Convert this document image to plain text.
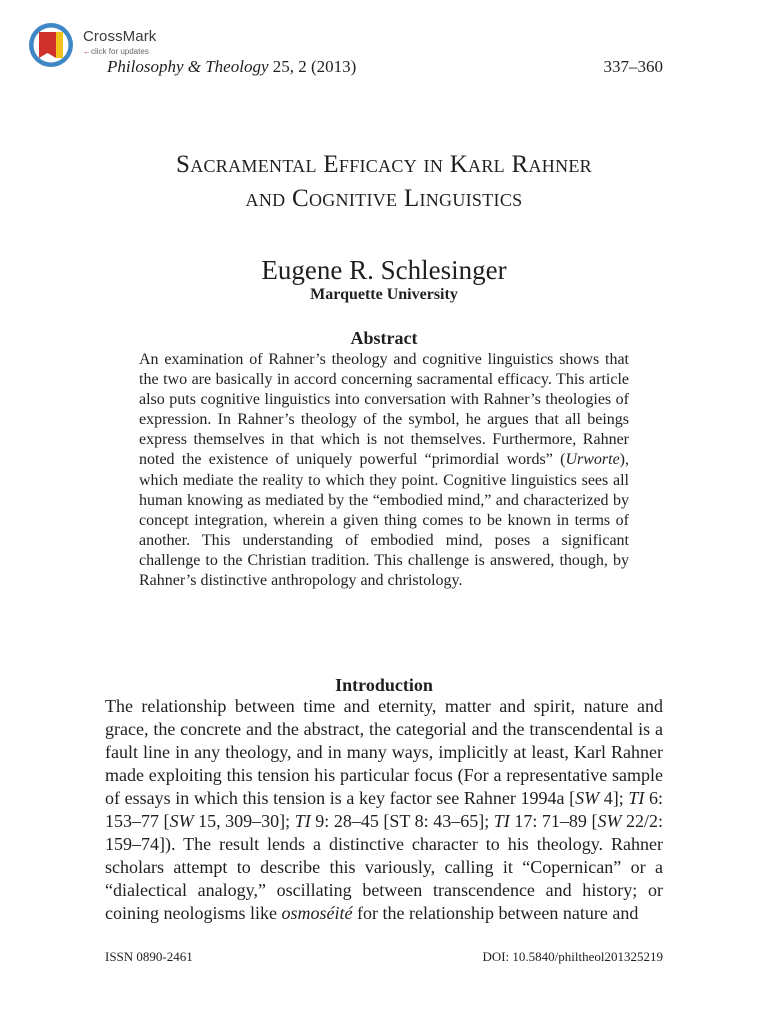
CrossMark
←click for updates
Philosophy & Theology 25, 2 (2013)	337–360
Sacramental Efficacy in Karl Rahner
and Cognitive Linguistics
Eugene R. Schlesinger
Marquette University
Abstract

An examination of Rahner’s theology and cognitive linguistics shows that the two are basically in accord concerning sacramental efficacy. This article also puts cognitive linguistics into conversation with Rahner’s theologies of expression. In Rahner’s theology of the symbol, he argues that all beings express themselves in that which is not themselves. Furthermore, Rahner noted the existence of uniquely powerful “primordial words” (Urworte), which mediate the reality to which they point. Cognitive linguistics sees all human knowing as mediated by the “embodied mind,” and characterized by concept integration, wherein a given thing comes to be known in terms of another. This understanding of embodied mind, poses a significant challenge to the Christian tradition. This challenge is answered, though, by Rahner’s distinctive anthropology and christology.

Introduction

The relationship between time and eternity, matter and spirit, nature and grace, the concrete and the abstract, the categorial and the transcendental is a fault line in any theology, and in many ways, implicitly at least, Karl Rahner made exploiting this tension his particular focus (For a representative sample of essays in which this tension is a key factor see Rahner 1994a [SW 4]; TI 6: 153–77 [SW 15, 309–30]; TI 9: 28–45 [ST 8: 43–65]; TI 17: 71–89 [SW 22/2: 159–74]). The result lends a distinctive character to his theology. Rahner scholars attempt to describe this variously, calling it “Copernican” or a “dialectical analogy,” oscillating between transcendence and history; or coining neologisms like osmoséité for the relationship between nature and

ISSN 0890-2461	DOI: 10.5840/philtheol201325219
